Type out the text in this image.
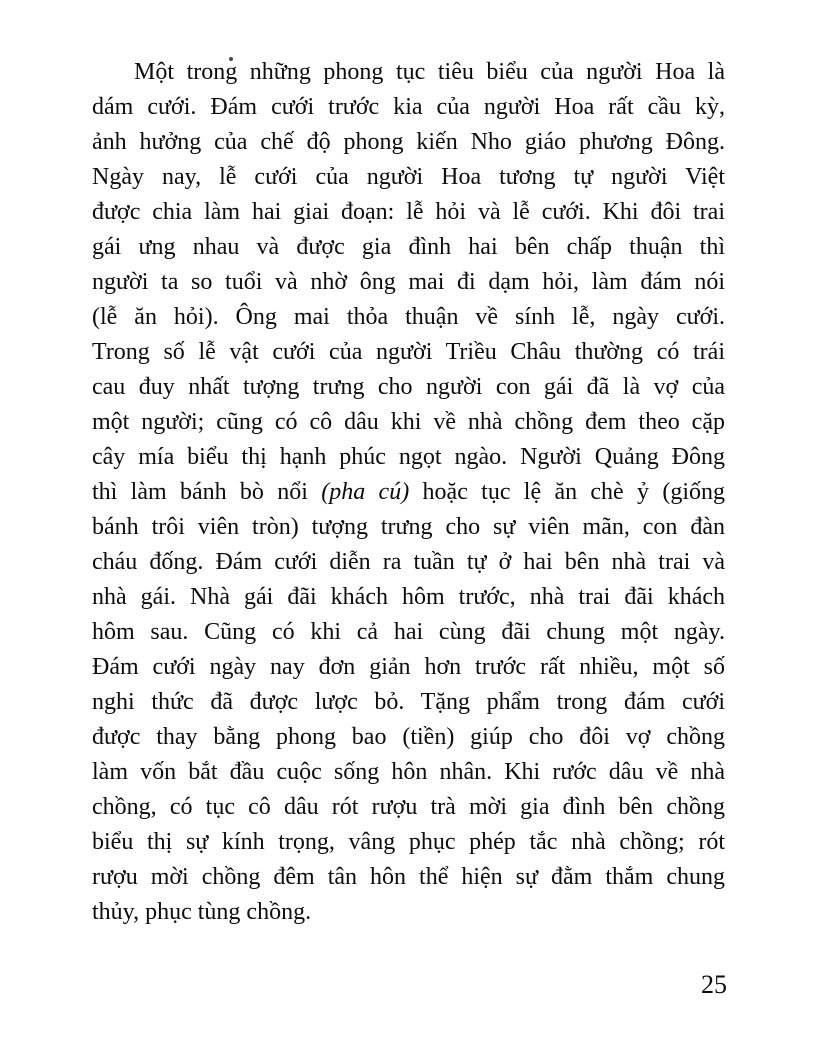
Một trong những phong tục tiêu biểu của người Hoa là
dám cưới. Đám cưới trước kia của người Hoa rất cầu kỳ,
ảnh hưởng của chế độ phong kiến Nho giáo phương Đông.
Ngày nay, lễ cưới của người Hoa tương tự người Việt
được chia làm hai giai đoạn: lễ hỏi và lễ cưới. Khi đôi trai
gái ưng nhau và được gia đình hai bên chấp thuận thì
người ta so tuổi và nhờ ông mai đi dạm hỏi, làm đám nói
(lễ ăn hỏi). Ông mai thỏa thuận về sính lễ, ngày cưới.
Trong số lễ vật cưới của người Triều Châu thường có trái
cau đuy nhất tượng trưng cho người con gái đã là vợ của
một người; cũng có cô dâu khi về nhà chồng đem theo cặp
cây mía biểu thị hạnh phúc ngọt ngào. Người Quảng Đông
thì làm bánh bò nổi (pha cú) hoặc tục lệ ăn chè ỷ (giống
bánh trôi viên tròn) tượng trưng cho sự viên mãn, con đàn
cháu đống. Đám cưới diễn ra tuần tự ở hai bên nhà trai và
nhà gái. Nhà gái đãi khách hôm trước, nhà trai đãi khách
hôm sau. Cũng có khi cả hai cùng đãi chung một ngày.
Đám cưới ngày nay đơn giản hơn trước rất nhiều, một số
nghi thức đã được lược bỏ. Tặng phẩm trong đám cưới
được thay bằng phong bao (tiền) giúp cho đôi vợ chồng
làm vốn bắt đầu cuộc sống hôn nhân. Khi rước dâu về nhà
chồng, có tục cô dâu rót rượu trà mời gia đình bên chồng
biểu thị sự kính trọng, vâng phục phép tắc nhà chồng; rót
rượu mời chồng đêm tân hôn thể hiện sự đằm thắm chung
thủy, phục tùng chồng.
25
